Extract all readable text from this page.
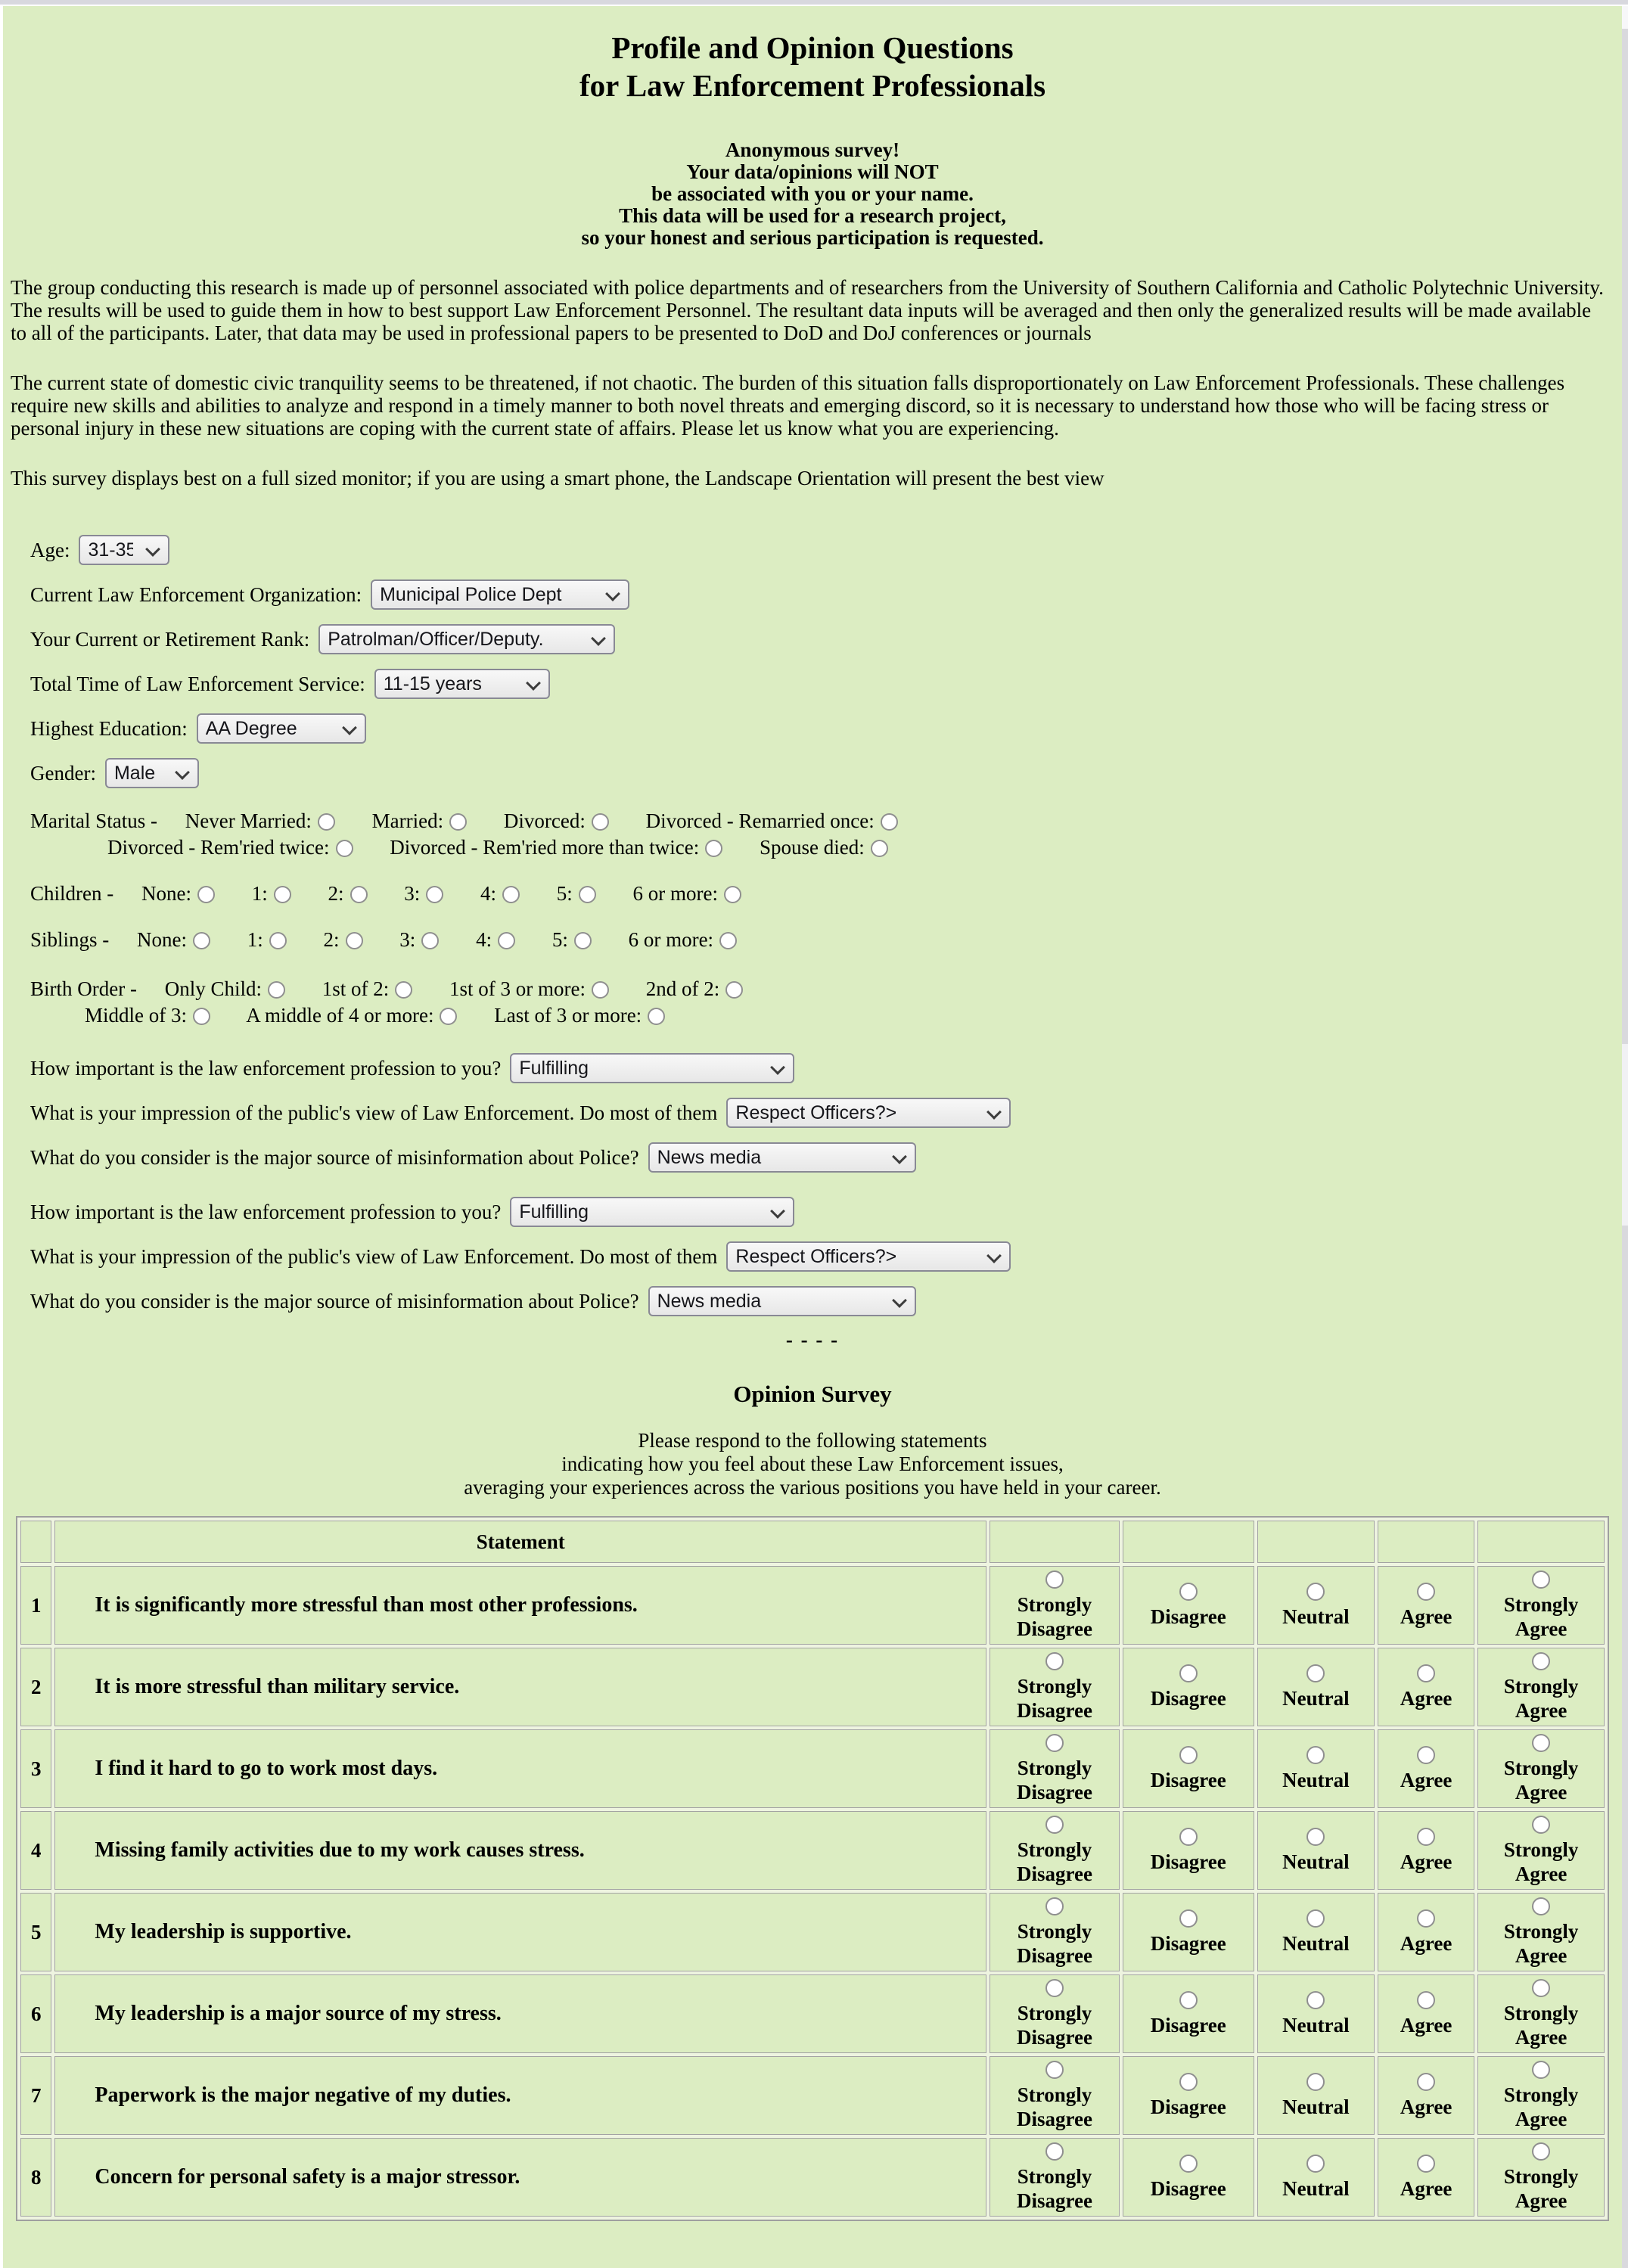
Profile and Opinion Questions
for Law Enforcement Professionals
Anonymous survey!
Your data/opinions will NOT
be associated with you or your name.
This data will be used for a research project,
so your honest and serious participation is requested.
The group conducting this research is made up of personnel associated with police departments and of researchers from the University of Southern California and Catholic Polytechnic University. The results will be used to guide them in how to best support Law Enforcement Personnel. The resultant data inputs will be averaged and then only the generalized results will be made available to all of the participants. Later, that data may be used in professional papers to be presented to DoD and DoJ conferences or journals
The current state of domestic civic tranquility seems to be threatened, if not chaotic. The burden of this situation falls disproportionately on Law Enforcement Professionals. These challenges require new skills and abilities to analyze and respond in a timely manner to both novel threats and emerging discord, so it is necessary to understand how those who will be facing stress or personal injury in these new situations are coping with the current state of affairs. Please let us know what you are experiencing.
This survey displays best on a full sized monitor; if you are using a smart phone, the Landscape Orientation will present the best view
Age:
31-35
Current Law Enforcement Organization:
Municipal Police Dept
Your Current or Retirement Rank:
Patrolman/Officer/Deputy.
Total Time of Law Enforcement Service:
11-15 years
Highest Education:
AA Degree
Gender:
Male
Marital Status - Never Married:	Married:	Divorced:	Divorced - Remarried once:
Divorced - Rem'ried twice:	Divorced - Rem'ried more than twice:	Spouse died:
Children - None:	1:	2:	3:	4:	5:	6 or more:
Siblings - None:	1:	2:	3:	4:	5:	6 or more:
Birth Order - Only Child:	1st of 2:	1st of 3 or more:	2nd of 2:
Middle of 3:	A middle of 4 or more:	Last of 3 or more:
How important is the law enforcement profession to you?
Fulfilling
What is your impression of the public's view of Law Enforcement. Do most of them
Respect Officers?>
What do you consider is the major source of misinformation about Police?
News media
How important is the law enforcement profession to you?
Fulfilling
What is your impression of the public's view of Law Enforcement. Do most of them
Respect Officers?>
What do you consider is the major source of misinformation about Police?
News media
- - - -
Opinion Survey
Please respond to the following statements
indicating how you feel about these Law Enforcement issues,
averaging your experiences across the various positions you have held in your career.
	Statement					
1	It is significantly more stressful than most other professions.	Strongly Disagree	Disagree	Neutral	Agree	Strongly Agree

2	It is more stressful than military service.	Strongly Disagree	Disagree	Neutral	Agree	Strongly Agree

3	I find it hard to go to work most days.	Strongly Disagree	Disagree	Neutral	Agree	Strongly Agree

4	Missing family activities due to my work causes stress.	Strongly Disagree	Disagree	Neutral	Agree	Strongly Agree

5	My leadership is supportive.	Strongly Disagree	Disagree	Neutral	Agree	Strongly Agree

6	My leadership is a major source of my stress.	Strongly Disagree	Disagree	Neutral	Agree	Strongly Agree

7	Paperwork is the major negative of my duties.	Strongly Disagree	Disagree	Neutral	Agree	Strongly Agree

8	Concern for personal safety is a major stressor.	Strongly Disagree	Disagree	Neutral	Agree	Strongly Agree
